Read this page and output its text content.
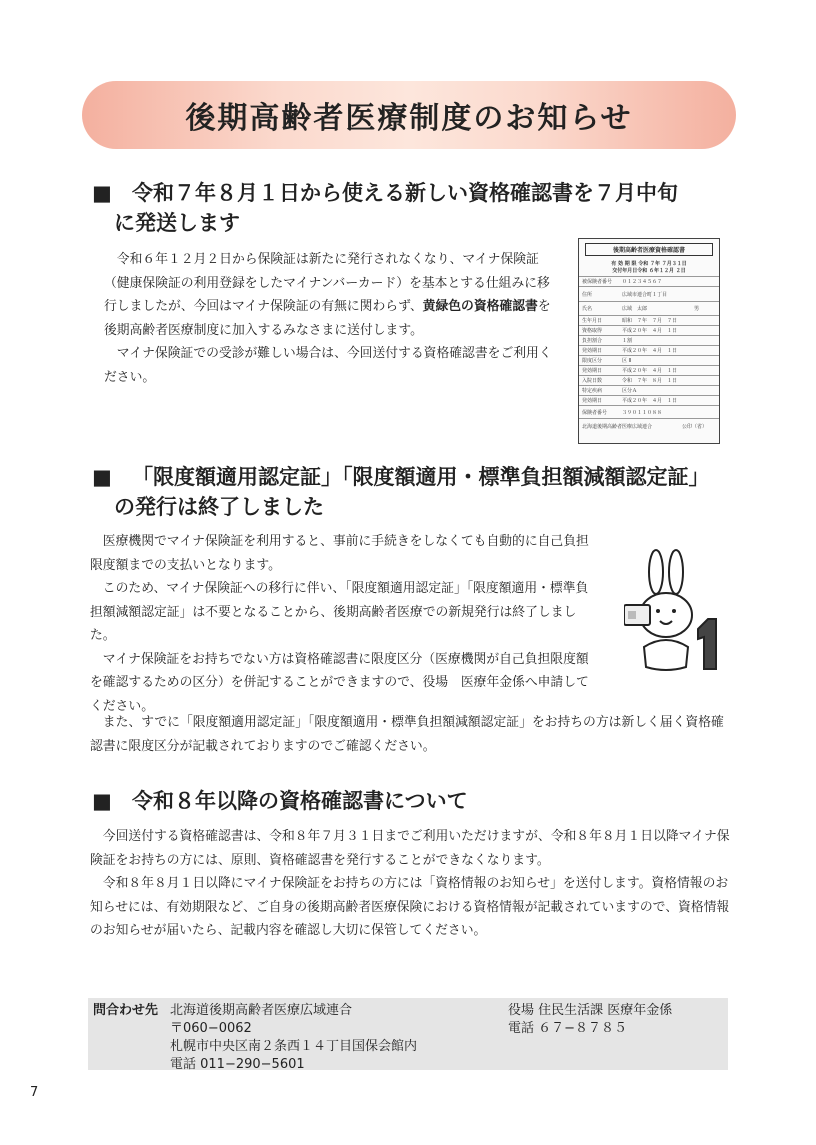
後期高齢者医療制度のお知らせ
■ 令和７年８月１日から使える新しい資格確認書を７月中旬
に発送します

令和６年１２月２日から保険証は新たに発行されなくなり、マイナ保険証（健康保険証の利用登録をしたマイナンバーカード）を基本とする仕組みに移行しましたが、今回はマイナ保険証の有無に関わらず、黄緑色の資格確認書を後期高齢者医療制度に加入するみなさまに送付します。

マイナ保険証での受診が難しい場合は、今回送付する資格確認書をご利用ください。

後期高齢者医療資格確認書
有 効 期 限 令和 ７年 ７月３１日
交付年月日令和 ６年１２月 ２日
被保険者番号	０１２３４５６７
住所	広域市連合町１丁目
氏名	広域　太郎	男
生年月日	昭和　７年　７月　７日
資格取得	平成２０年　４月　１日
負担割合	１割
発効期日	平成２０年　４月　１日
限度区分	区 Ⅱ
発効期日	平成２０年　４月　１日
入院日数	令和　７年　８月　１日
特定疾病	区分Ａ
発効期日	平成２０年　４月　１日
保険者番号	３９０１１０８８
北海道後期高齢者医療広域連合	公印（省）
■ 「限度額適用認定証」「限度額適用・標準負担額減額認定証」
の発行は終了しました

医療機関でマイナ保険証を利用すると、事前に手続きをしなくても自動的に自己負担限度額までの支払いとなります。

このため、マイナ保険証への移行に伴い、「限度額適用認定証」「限度額適用・標準負担額減額認定証」は不要となることから、後期高齢者医療での新規発行は終了しました。

マイナ保険証をお持ちでない方は資格確認書に限度区分（医療機関が自己負担限度額を確認するための区分）を併記することができますので、役場　医療年金係へ申請してください。

また、すでに「限度額適用認定証」「限度額適用・標準負担額減額認定証」をお持ちの方は新しく届く資格確認書に限度区分が記載されておりますのでご確認ください。

■ 令和８年以降の資格確認書について

今回送付する資格確認書は、令和８年７月３１日までご利用いただけますが、令和８年８月１日以降マイナ保険証をお持ちの方には、原則、資格確認書を発行することができなくなります。

令和８年８月１日以降にマイナ保険証をお持ちの方には「資格情報のお知らせ」を送付します。資格情報のお知らせには、有効期限など、ご自身の後期高齢者医療保険における資格情報が記載されていますので、資格情報のお知らせが届いたら、記載内容を確認し大切に保管してください。

問合わせ先 北海道後期高齢者医療広域連合
〒060−0062
札幌市中央区南２条西１４丁目国保会館内
電話 011−290−5601
役場 住民生活課 医療年金係
電話 ６７−８７８５
7
